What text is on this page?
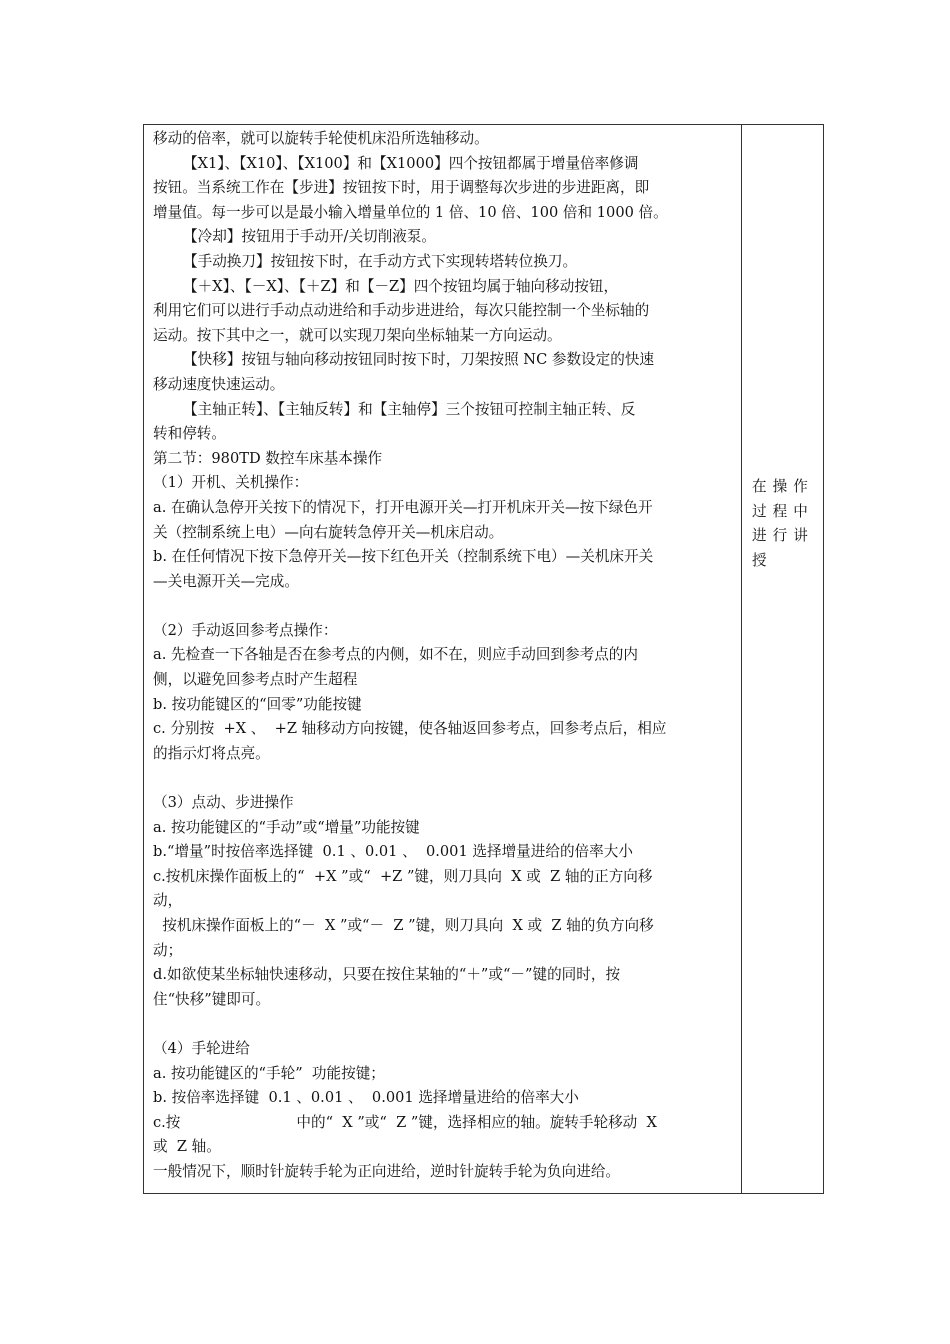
移动的倍率，就可以旋转手轮使机床沿所选轴移动。
【X1】、【X10】、【X100】和【X1000】四个按钮都属于增量倍率修调
按钮。当系统工作在【步进】按钮按下时，用于调整每次步进的步进距离，即
增量值。每一步可以是最小输入增量单位的 1 倍、10 倍、100 倍和 1000 倍。
【冷却】按钮用于手动开/关切削液泵。
【手动换刀】按钮按下时，在手动方式下实现转塔转位换刀。
【＋X】、【－X】、【＋Z】和【－Z】四个按钮均属于轴向移动按钮，
利用它们可以进行手动点动进给和手动步进进给，每次只能控制一个坐标轴的
运动。按下其中之一，就可以实现刀架向坐标轴某一方向运动。
【快移】按钮与轴向移动按钮同时按下时，刀架按照 NC 参数设定的快速
移动速度快速运动。
【主轴正转】、【主轴反转】和【主轴停】三个按钮可控制主轴正转、反
转和停转。
第二节：980TD 数控车床基本操作
（1）开机、关机操作：
a. 在确认急停开关按下的情况下，打开电源开关—打开机床开关—按下绿色开
关（控制系统上电）—向右旋转急停开关—机床启动。
b. 在任何情况下按下急停开关—按下红色开关（控制系统下电）—关机床开关
—关电源开关—完成。
（2）手动返回参考点操作：
a. 先检查一下各轴是否在参考点的内侧，如不在，则应手动回到参考点的内
侧，以避免回参考点时产生超程
b. 按功能键区的“回零”功能按键
c. 分别按  +X 、  +Z 轴移动方向按键，使各轴返回参考点，回参考点后，相应
的指示灯将点亮。
（3）点动、步进操作
a. 按功能键区的“手动”或“增量”功能按键
b.“增量”时按倍率选择键  0.1 、0.01 、  0.001 选择增量进给的倍率大小
c.按机床操作面板上的“  +X ”或“  +Z ”键，则刀具向  X 或  Z 轴的正方向移
动，
按机床操作面板上的“－  X ”或“－  Z ”键，则刀具向  X 或  Z 轴的负方向移
动；
d.如欲使某坐标轴快速移动，只要在按住某轴的“＋”或“－”键的同时，按
住“快移”键即可。
（4）手轮进给
a. 按功能键区的“手轮”  功能按键；
b. 按倍率选择键  0.1 、0.01 、  0.001 选择增量进给的倍率大小
c.按                         中的“  X ”或“  Z ”键，选择相应的轴。旋转手轮移动  X
或  Z 轴。
一般情况下，顺时针旋转手轮为正向进给，逆时针旋转手轮为负向进给。
在操作
过程中
进行讲
授
